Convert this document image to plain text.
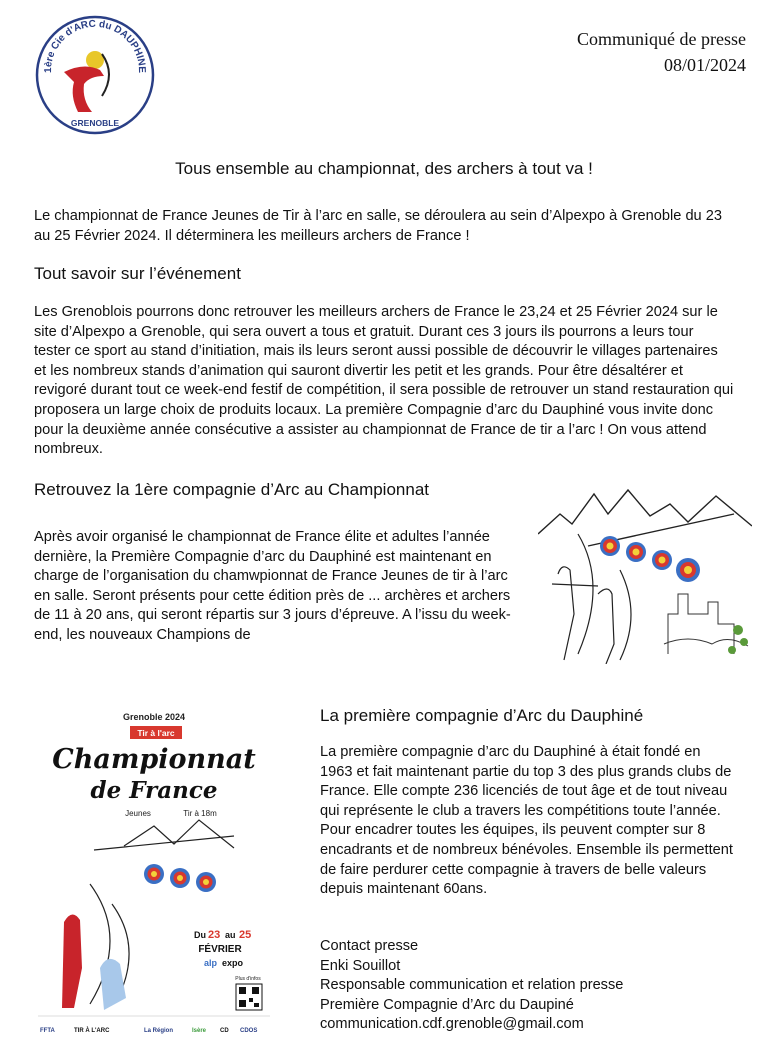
1ère Cie d'ARC du DAUPHINE
GRENOBLE
Communiqué de presse
08/01/2024
Tous ensemble au championnat, des archers à tout va !
Le championnat de France Jeunes de Tir à l’arc en salle, se déroulera au sein d’Alpexpo à Grenoble du 23 au 25 Février 2024. Il déterminera les meilleurs archers de France !
Tout savoir sur l’événement
Les Grenoblois pourrons donc retrouver les meilleurs archers de France le 23,24 et 25 Février 2024 sur le site d’Alpexpo a Grenoble, qui sera ouvert a tous et gratuit. Durant ces 3 jours ils pourrons a leurs tour tester ce sport au stand d’initiation, mais ils leurs seront aussi possible de découvrir le villages partenaires et les nombreux stands d’animation qui sauront divertir les petit et les grands. Pour être désaltérer et revigoré durant tout ce week-end festif de compétition, il sera possible de retrouver un stand restauration qui proposera un large choix de produits locaux. La première Compagnie d’arc du Dauphiné vous invite donc pour la deuxième année consécutive a assister au championnat de France de tir a l’arc ! On vous attend nombreux.
Retrouvez la 1ère compagnie d’Arc au Championnat
Après avoir organisé le championnat de France élite et adultes l’année dernière, la Première Compagnie d’arc du Dauphiné est maintenant en charge de l’organisation du chamwpionnat de France Jeunes de tir à l’arc en salle. Seront présents pour cette édition près de ... archères et archers de 11 à 20 ans, qui seront répartis sur 3 jours d’épreuve. A l’issu du week-end, les nouveaux Champions de
Grenoble 2024
Tir à l'arc
Championnat
de France
Jeunes	Tir à 18m
Du 23 au 25
FÉVRIER
alp expo
Plus d'infos
FFTA	TIR À L'ARC	La Région	Isère CD CDOS
La première compagnie d’Arc du Dauphiné
La première compagnie d’arc du Dauphiné à était fondé en 1963 et fait maintenant partie du top 3 des plus grands clubs de France. Elle compte 236 licenciés de tout âge et de tout niveau qui représente le club a travers les compétitions toute l’année. Pour encadrer toutes les équipes, ils peuvent compter sur 8 encadrants et de nombreux bénévoles. Ensemble ils permettent de faire perdurer cette compagnie à travers de belle valeurs depuis maintenant 60ans.
Contact presse
Enki Souillot
Responsable communication et relation presse
Première Compagnie d’Arc du Daupiné
communication.cdf.grenoble@gmail.com
